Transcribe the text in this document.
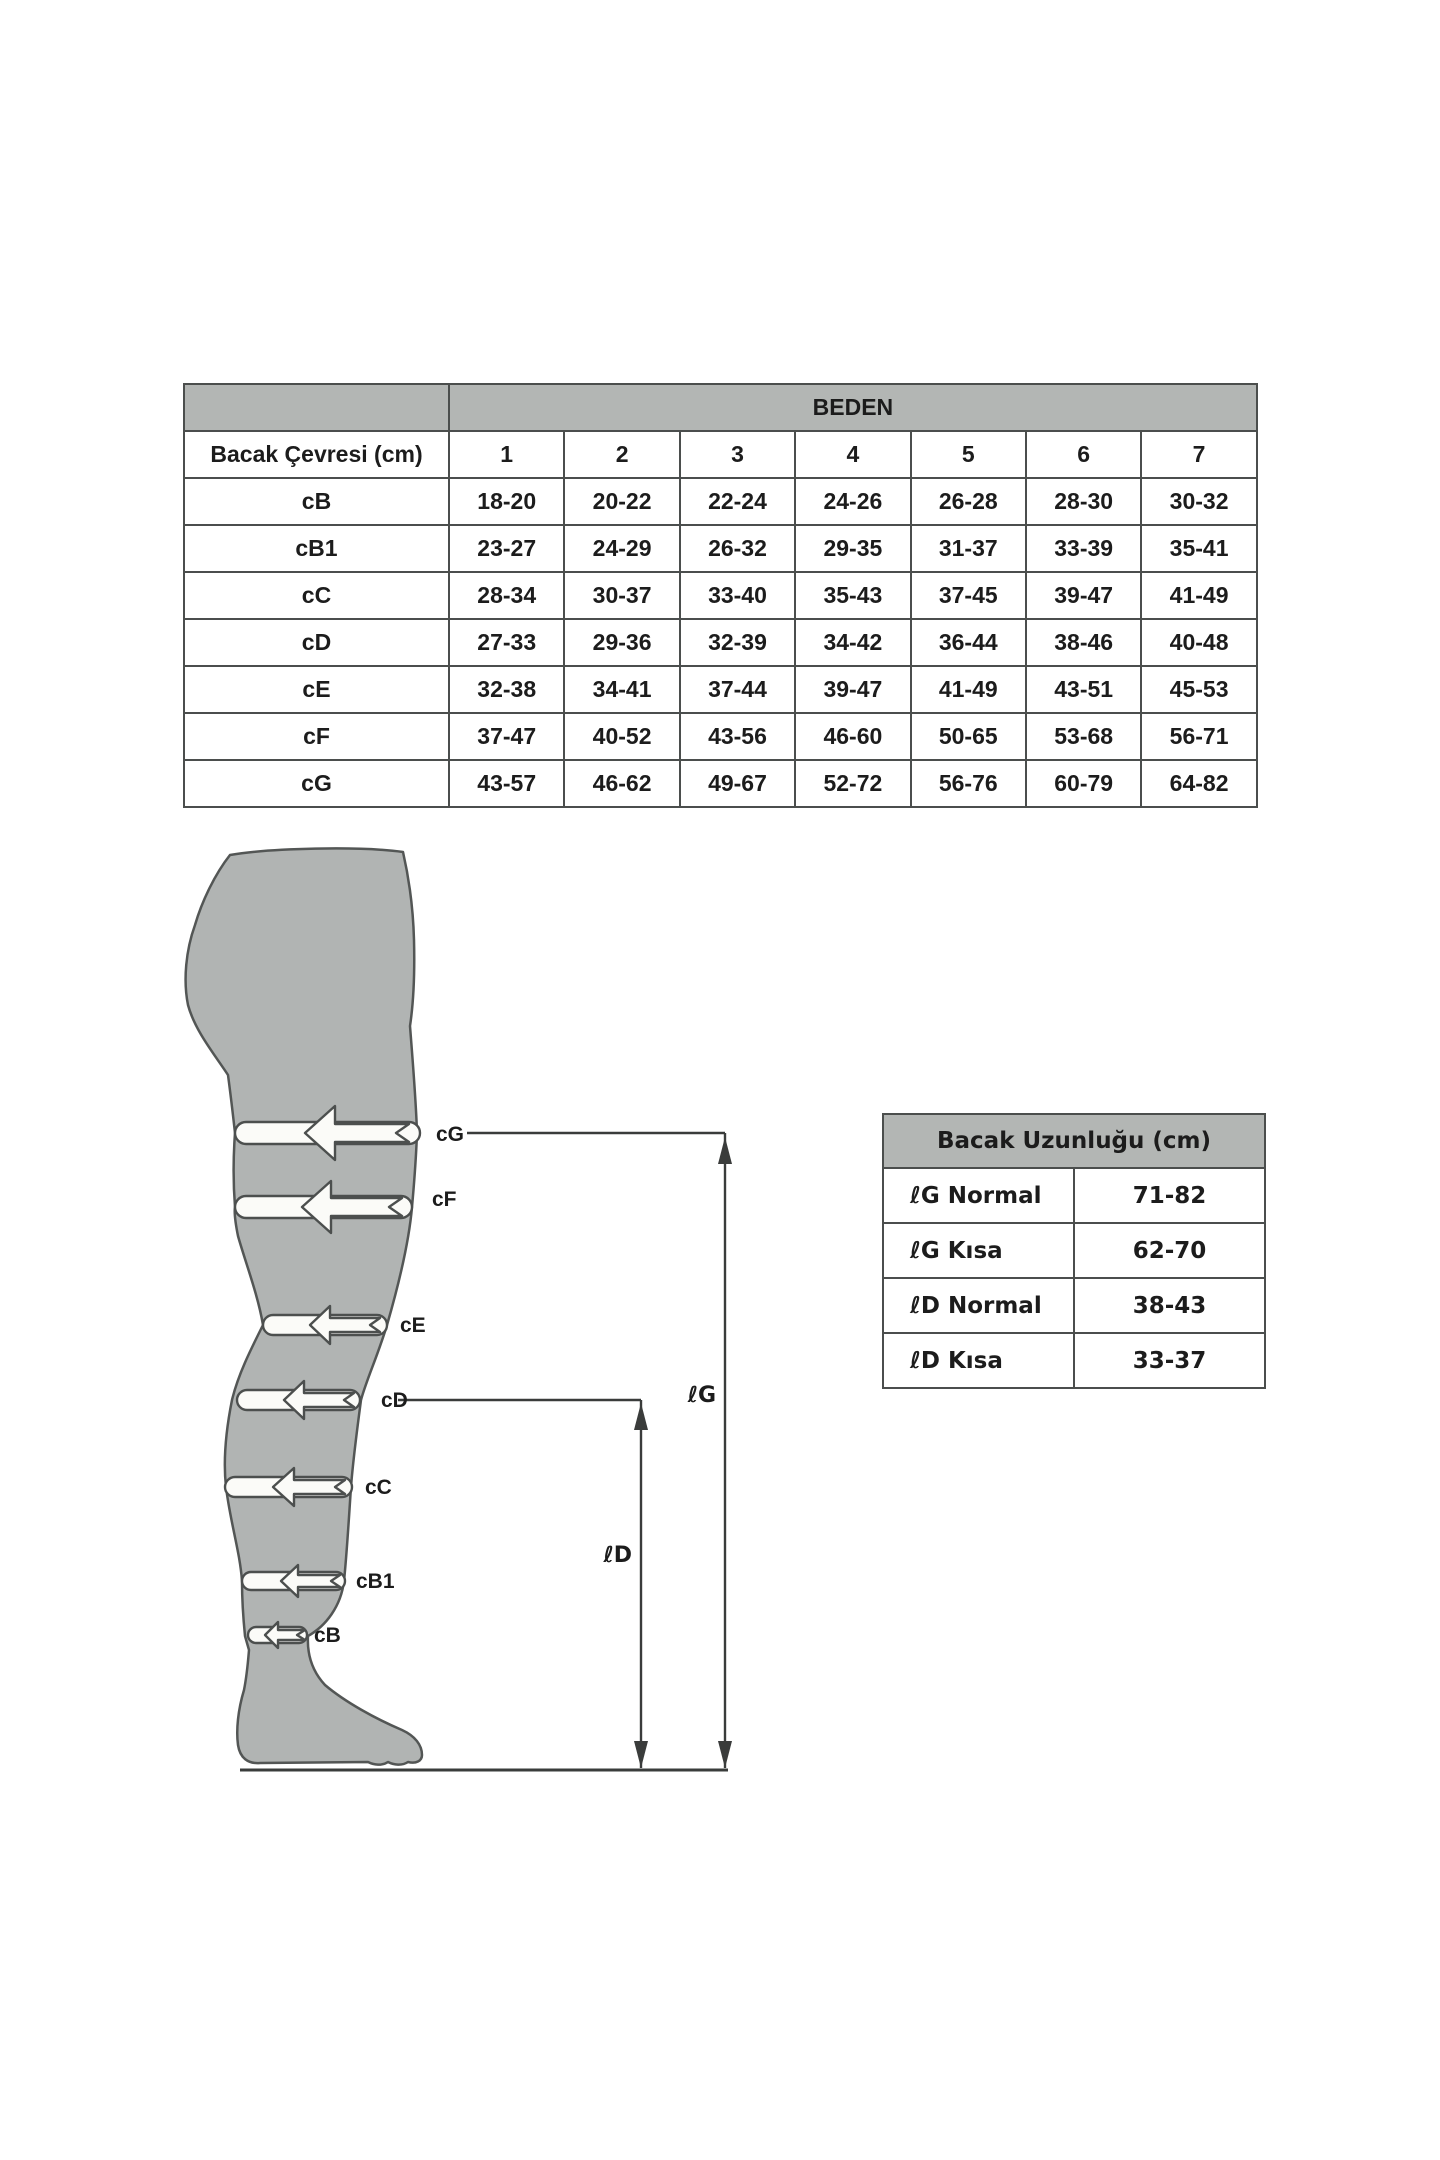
	BEDEN						
Bacak Çevresi (cm)	1	2	3	4	5	6	7
cB	18-20	20-22	22-24	24-26	26-28	28-30	30-32
cB1	23-27	24-29	26-32	29-35	31-37	33-39	35-41
cC	28-34	30-37	33-40	35-43	37-45	39-47	41-49
cD	27-33	29-36	32-39	34-42	36-44	38-46	40-48
cE	32-38	34-41	37-44	39-47	41-49	43-51	45-53
cF	37-47	40-52	43-56	46-60	50-65	53-68	56-71
cG	43-57	46-62	49-67	52-72	56-76	60-79	64-82
cG
cF
cE
cD
cC
cB1
cB
ℓG
ℓD
Bacak Uzunluğu (cm)	
ℓG Normal	71-82
ℓG Kısa	62-70
ℓD Normal	38-43
ℓD Kısa	33-37
